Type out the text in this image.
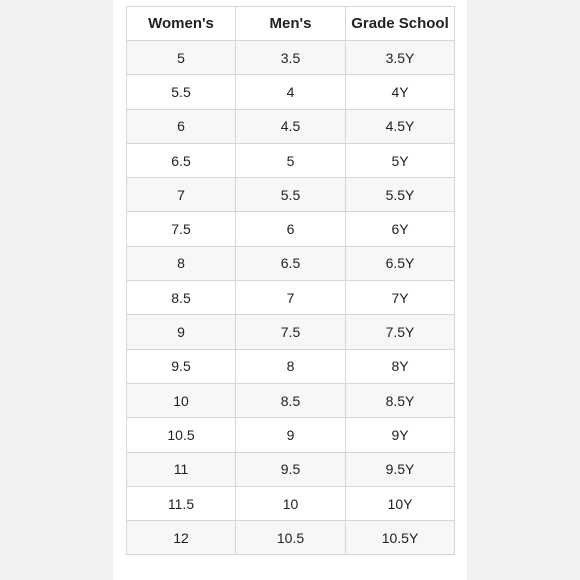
Women's	Men's	Grade School
5	3.5	3.5Y
5.5	4	4Y
6	4.5	4.5Y
6.5	5	5Y
7	5.5	5.5Y
7.5	6	6Y
8	6.5	6.5Y
8.5	7	7Y
9	7.5	7.5Y
9.5	8	8Y
10	8.5	8.5Y
10.5	9	9Y
11	9.5	9.5Y
11.5	10	10Y
12	10.5	10.5Y
